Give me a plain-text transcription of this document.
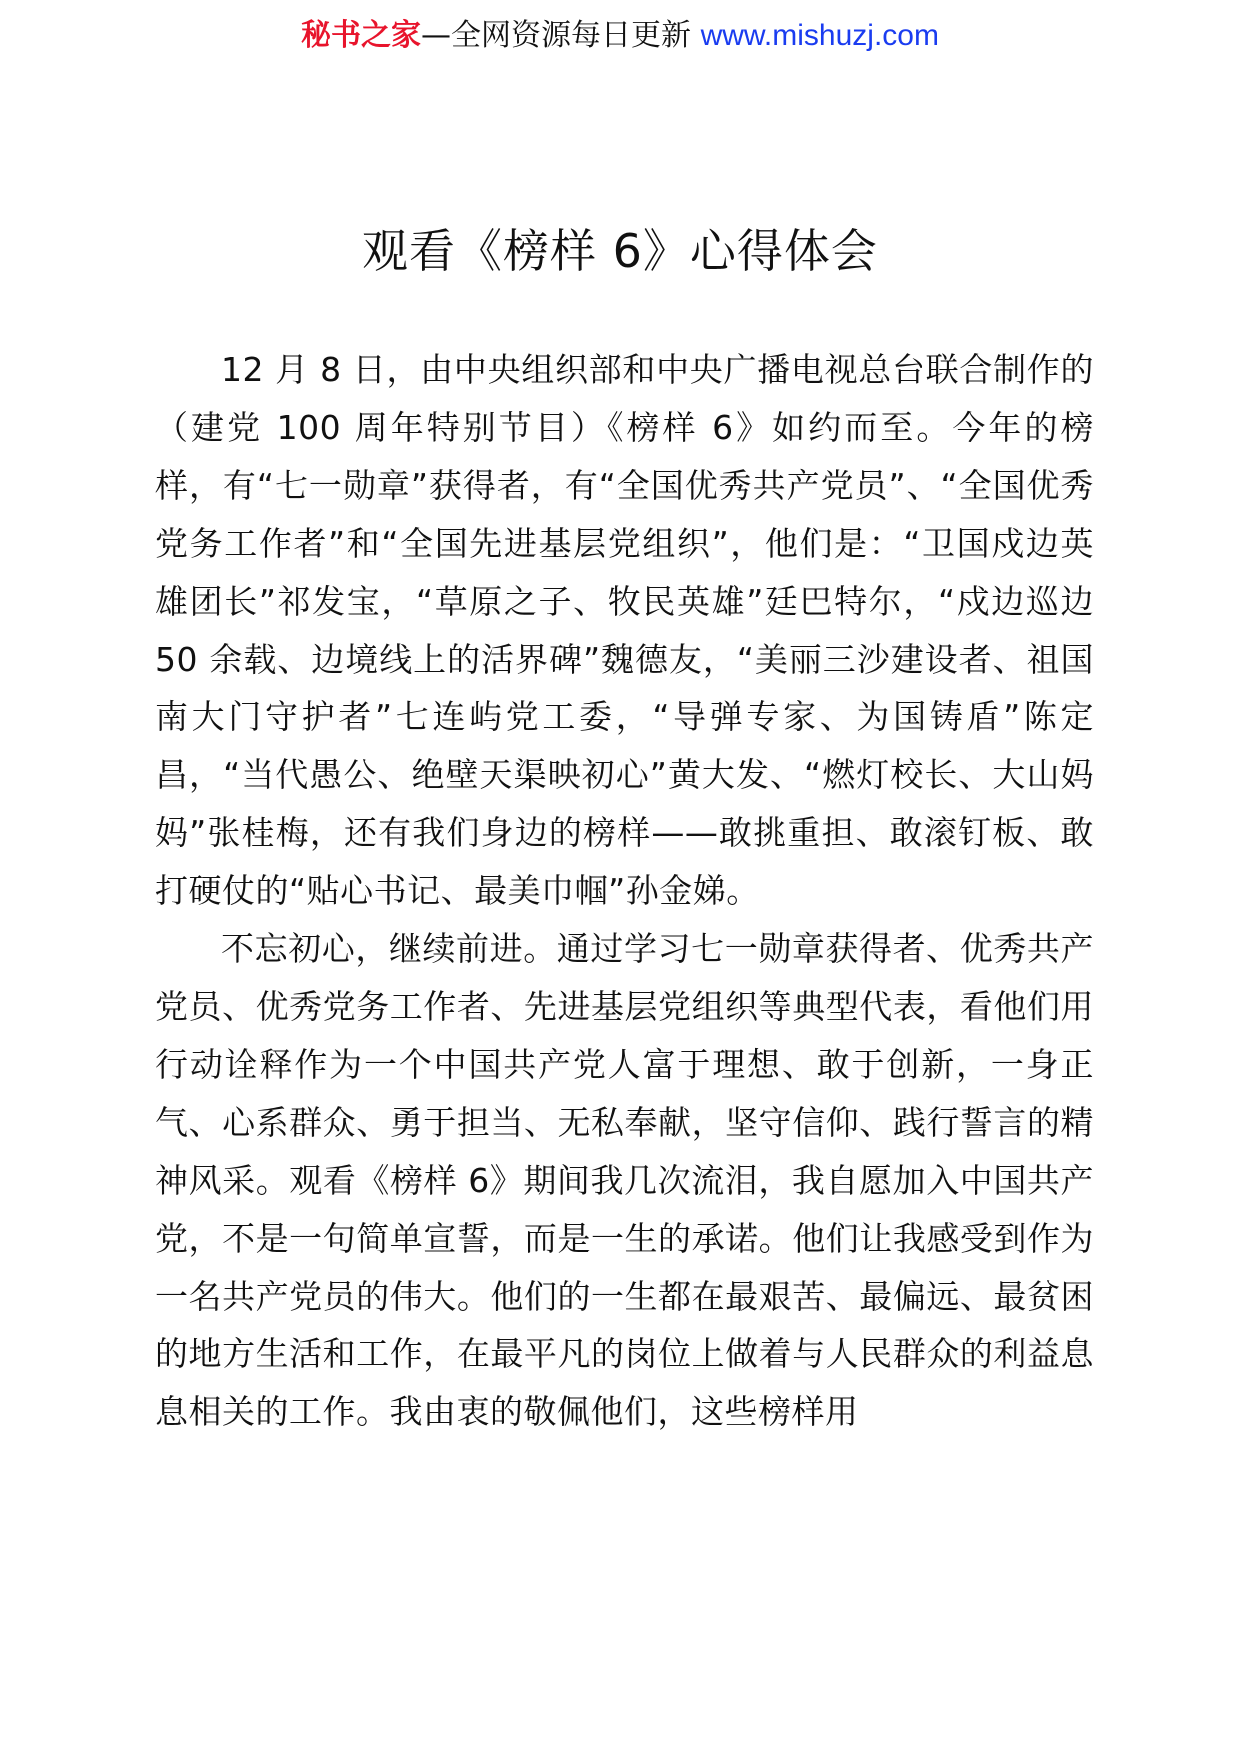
秘书之家—全网资源每日更新 www.mishuzj.com
观看《榜样 6》心得体会

12 月 8 日，由中央组织部和中央广播电视总台联合制作的（建党 100 周年特别节目）《榜样 6》如约而至。今年的榜样，有“七一勋章”获得者，有“全国优秀共产党员”、“全国优秀党务工作者”和“全国先进基层党组织”，他们是：“卫国戍边英雄团长”祁发宝，“草原之子、牧民英雄”廷巴特尔，“戍边巡边 50 余载、边境线上的活界碑”魏德友，“美丽三沙建设者、祖国南大门守护者”七连屿党工委，“导弹专家、为国铸盾”陈定昌，“当代愚公、绝壁天渠映初心”黄大发、“燃灯校长、大山妈妈”张桂梅，还有我们身边的榜样——敢挑重担、敢滚钉板、敢打硬仗的“贴心书记、最美巾帼”孙金娣。

不忘初心，继续前进。通过学习七一勋章获得者、优秀共产党员、优秀党务工作者、先进基层党组织等典型代表，看他们用行动诠释作为一个中国共产党人富于理想、敢于创新，一身正气、心系群众、勇于担当、无私奉献，坚守信仰、践行誓言的精神风采。观看《榜样 6》期间我几次流泪，我自愿加入中国共产党，不是一句简单宣誓，而是一生的承诺。他们让我感受到作为一名共产党员的伟大。他们的一生都在最艰苦、最偏远、最贫困的地方生活和工作，在最平凡的岗位上做着与人民群众的利益息息相关的工作。我由衷的敬佩他们，这些榜样用
